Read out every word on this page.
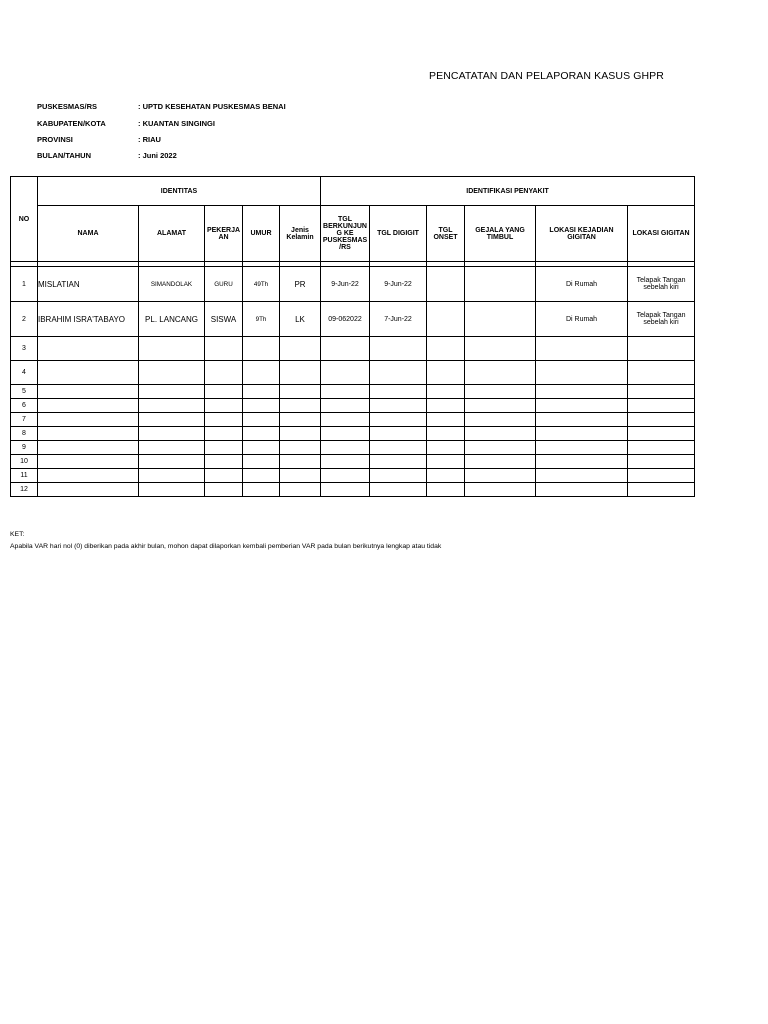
PENCATATAN DAN PELAPORAN KASUS GHPR
PUSKESMAS/RS	: UPTD KESEHATAN PUSKESMAS BENAI
KABUPATEN/KOTA	: KUANTAN SINGINGI
PROVINSI	: RIAU
BULAN/TAHUN	: Juni 2022
NO	IDENTITAS					IDENTIFIKASI PENYAKIT						
	NAMA	ALAMAT	PEKERJA AN	UMUR	Jenis Kelamin	TGL BERKUNJUN G KE PUSKESMAS /RS	TGL DIGIGIT	TGL ONSET	GEJALA YANG TIMBUL	LOKASI KEJADIAN GIGITAN	LOKASI GIGITAN	

1	MISLATIAN	SIMANDOLAK	GURU	49Th	PR	9-Jun-22	9-Jun-22			Di Rumah	Telapak Tangan sebelah kiri	
2	IBRAHIM ISRA'TABAYO	PL. LANCANG	SISWA	9Th	LK	09-062022	7-Jun-22			Di Rumah	Telapak Tangan sebelah kiri	
3												
4												
5												
6												
7												
8												
9												
10												
11												
12												
KET:
Apabila VAR hari nol (0) diberikan pada akhir bulan, mohon dapat dilaporkan kembali pemberian VAR pada bulan berikutnya lengkap atau tidak
